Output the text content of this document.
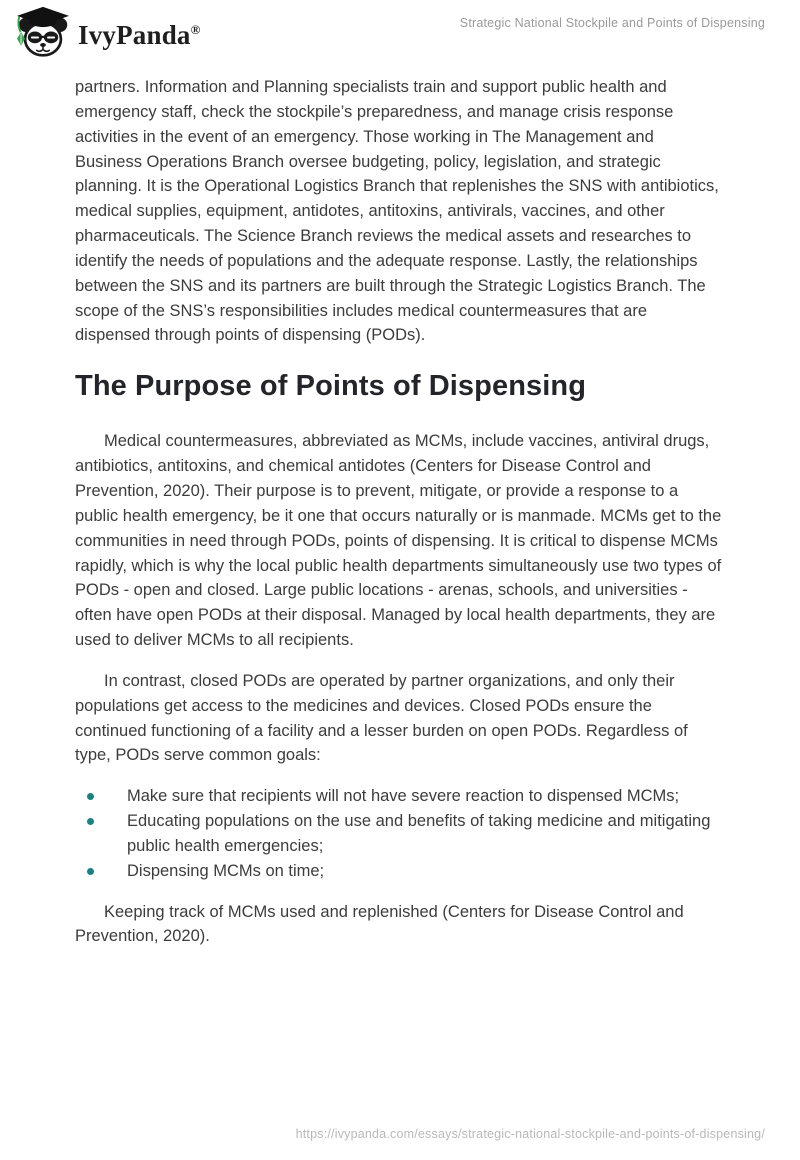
IvyPanda®	Strategic National Stockpile and Points of Dispensing

partners. Information and Planning specialists train and support public health and emergency staff, check the stockpile’s preparedness, and manage crisis response activities in the event of an emergency. Those working in The Management and Business Operations Branch oversee budgeting, policy, legislation, and strategic planning. It is the Operational Logistics Branch that replenishes the SNS with antibiotics, medical supplies, equipment, antidotes, antitoxins, antivirals, vaccines, and other pharmaceuticals. The Science Branch reviews the medical assets and researches to identify the needs of populations and the adequate response. Lastly, the relationships between the SNS and its partners are built through the Strategic Logistics Branch. The scope of the SNS’s responsibilities includes medical countermeasures that are dispensed through points of dispensing (PODs).

The Purpose of Points of Dispensing

Medical countermeasures, abbreviated as MCMs, include vaccines, antiviral drugs, antibiotics, antitoxins, and chemical antidotes (Centers for Disease Control and Prevention, 2020). Their purpose is to prevent, mitigate, or provide a response to a public health emergency, be it one that occurs naturally or is manmade. MCMs get to the communities in need through PODs, points of dispensing. It is critical to dispense MCMs rapidly, which is why the local public health departments simultaneously use two types of PODs - open and closed. Large public locations - arenas, schools, and universities - often have open PODs at their disposal. Managed by local health departments, they are used to deliver MCMs to all recipients.

In contrast, closed PODs are operated by partner organizations, and only their populations get access to the medicines and devices. Closed PODs ensure the continued functioning of a facility and a lesser burden on open PODs. Regardless of type, PODs serve common goals:

Make sure that recipients will not have severe reaction to dispensed MCMs;
Educating populations on the use and benefits of taking medicine and mitigating public health emergencies;
Dispensing MCMs on time;

Keeping track of MCMs used and replenished (Centers for Disease Control and Prevention, 2020).

https://ivypanda.com/essays/strategic-national-stockpile-and-points-of-dispensing/
